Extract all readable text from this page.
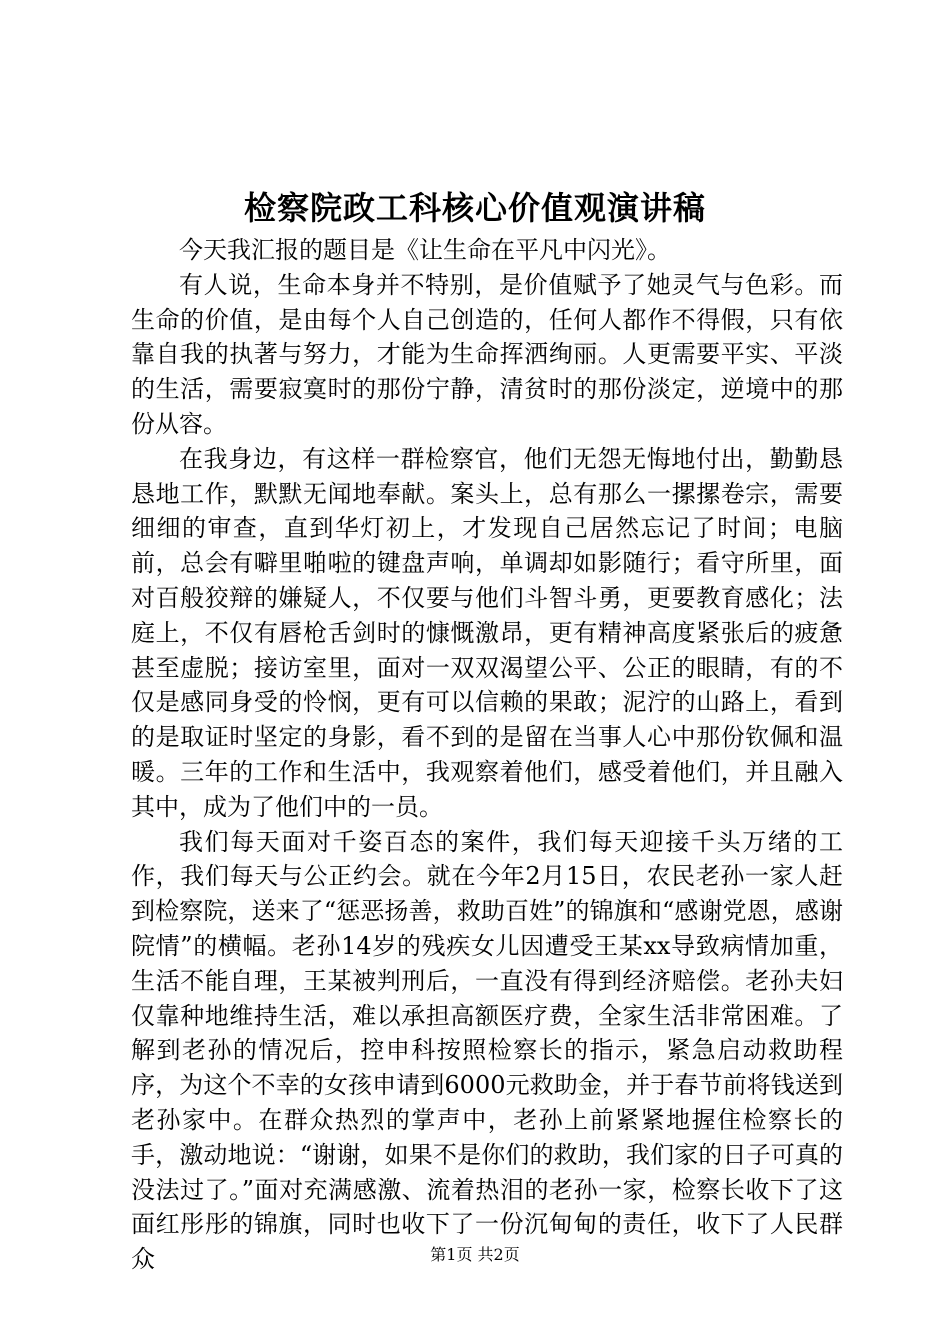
检察院政工科核心价值观演讲稿

今天我汇报的题目是《让生命在平凡中闪光》。

有人说，生命本身并不特别，是价值赋予了她灵气与色彩。而生命的价值，是由每个人自己创造的，任何人都作不得假，只有依靠自我的执著与努力，才能为生命挥洒绚丽。人更需要平实、平淡的生活，需要寂寞时的那份宁静，清贫时的那份淡定，逆境中的那份从容。

在我身边，有这样一群检察官，他们无怨无悔地付出，勤勤恳恳地工作，默默无闻地奉献。案头上，总有那么一摞摞卷宗，需要细细的审查，直到华灯初上，才发现自己居然忘记了时间；电脑前，总会有噼里啪啦的键盘声响，单调却如影随行；看守所里，面对百般狡辩的嫌疑人，不仅要与他们斗智斗勇，更要教育感化；法庭上，不仅有唇枪舌剑时的慷慨激昂，更有精神高度紧张后的疲惫甚至虚脱；接访室里，面对一双双渴望公平、公正的眼睛，有的不仅是感同身受的怜悯，更有可以信赖的果敢；泥泞的山路上，看到的是取证时坚定的身影，看不到的是留在当事人心中那份钦佩和温暖。三年的工作和生活中，我观察着他们，感受着他们，并且融入其中，成为了他们中的一员。

我们每天面对千姿百态的案件，我们每天迎接千头万绪的工作，我们每天与公正约会。就在今年2月15日，农民老孙一家人赶到检察院，送来了“惩恶扬善，救助百姓”的锦旗和“感谢党恩，感谢院情”的横幅。老孙14岁的残疾女儿因遭受王某xx导致病情加重，生活不能自理，王某被判刑后，一直没有得到经济赔偿。老孙夫妇仅靠种地维持生活，难以承担高额医疗费，全家生活非常困难。了解到老孙的情况后，控申科按照检察长的指示，紧急启动救助程序，为这个不幸的女孩申请到6000元救助金，并于春节前将钱送到老孙家中。在群众热烈的掌声中，老孙上前紧紧地握住检察长的手，激动地说：“谢谢，如果不是你们的救助，我们家的日子可真的没法过了。”面对充满感激、流着热泪的老孙一家，检察长收下了这面红彤彤的锦旗，同时也收下了一份沉甸甸的责任，收下了人民群众	第1页 共2页
